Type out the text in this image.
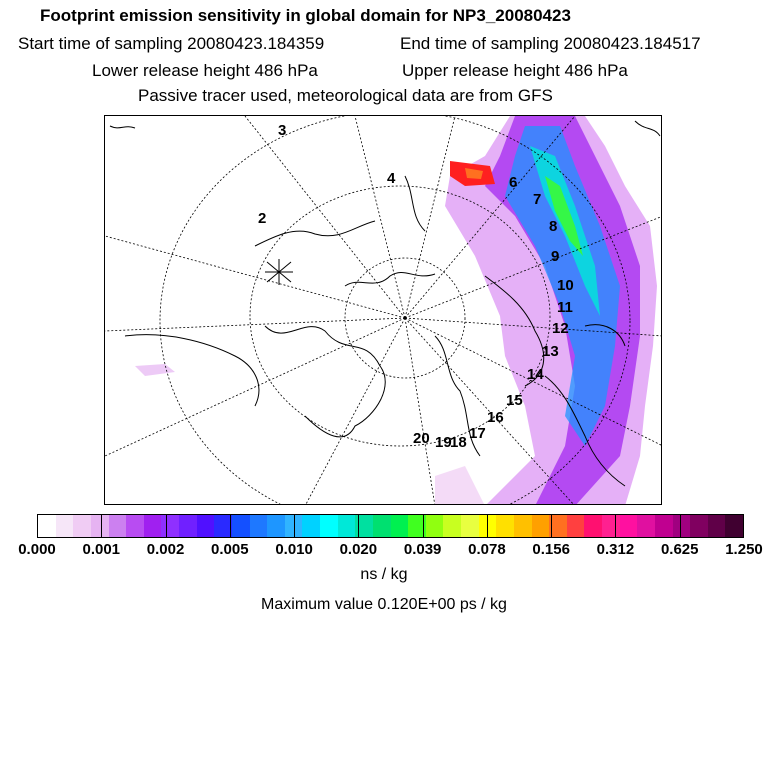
Footprint emission sensitivity in global domain for NP3_20080423
Start time of sampling 20080423.184359	End time of sampling 20080423.184517
Lower release height 486 hPa	Upper release height 486 hPa
Passive tracer used, meteorological data are from GFS
2
3
4	6
7
8
9
10
11
12
13
14
15
16
17
18
19
20
0.000 0.001 0.002 0.005 0.010 0.020 0.039 0.078 0.156 0.312 0.625 1.250
ns / kg
Maximum value 0.120E+00 ps / kg
